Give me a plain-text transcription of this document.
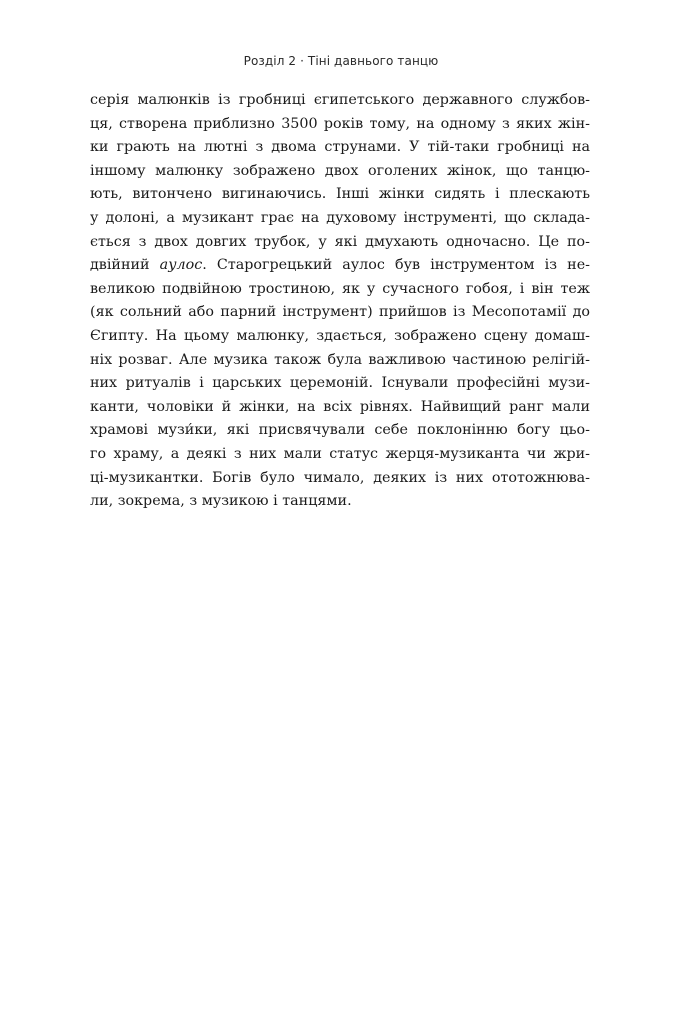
Розділ 2 · Тіні давнього танцю
серія малюнків із гробниці єгипетського державного службов-
ця, створена приблизно 3500 років тому, на одному з яких жін-
ки грають на лютні з двома струнами. У тій-таки гробниці на
іншому малюнку зображено двох оголених жінок, що танцю-
ють, витончено вигинаючись. Інші жінки сидять і плескають
у долоні, а музикант грає на духовому інструменті, що склада-
ється з двох довгих трубок, у які дмухають одночасно. Це по-
двійний аулос. Старогрецький аулос був інструментом із не-
великою подвійною тростиною, як у сучасного гобоя, і він теж
(як сольний або парний інструмент) прийшов із Месопотамії до
Єгипту. На цьому малюнку, здається, зображено сцену домаш-
ніх розваг. Але музика також була важливою частиною релігій-
них ритуалів і царських церемоній. Існували професійні музи-
канти, чоловіки й жінки, на всіх рівнях. Найвищий ранг мали
храмові музи́ки, які присвячували себе поклонінню богу цьо-
го храму, а деякі з них мали статус жерця-музиканта чи жри-
ці-музикантки. Богів було чимало, деяких із них ототожнюва-
ли, зокрема, з музикою і танцями.
